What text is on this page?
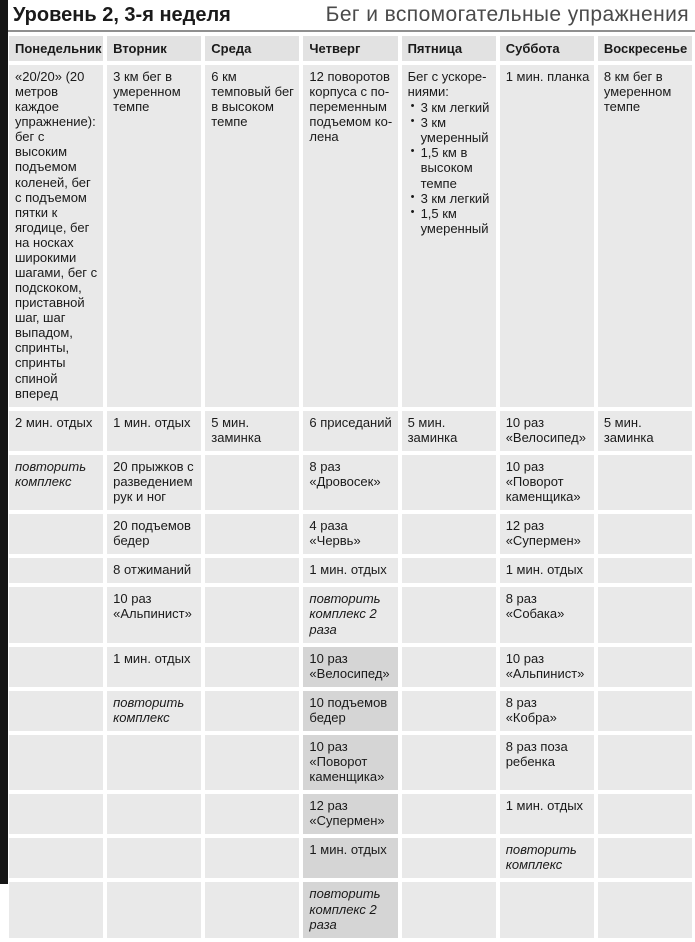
Уровень 2, 3-я неделя	Бег и вспомогательные упражнения
Понедельник	Вторник	Среда	Четверг	Пятница	Суббота	Воскресенье
«20/20» (20 метров каждое упражнение): бег с высоким подъемом коленей, бег с подъемом пятки к ягодице, бег на носках широкими шагами, бег с подскоком, приставной шаг, шаг выпадом, спринты, спринты спиной вперед	3 км бег в умеренном темпе	6 км темповый бег в высоком темпе	12 поворотов корпуса с попеременным подъемом колена	Бег с ускорениями:
• 3 км легкий
• 3 км умеренный
• 1,5 км в высоком темпе
• 3 км легкий
• 1,5 км умеренный
	1 мин. планка	8 км бег в умеренном темпе
2 мин. отдых	1 мин. отдых	5 мин. заминка	6 приседаний	5 мин. заминка	10 раз «Велосипед»	5 мин. заминка
повторить комплекс	20 прыжков с разведением рук и ног		8 раз «Дровосек»		10 раз «Поворот каменщика»	
	20 подъемов бедер		4 раза «Червь»		12 раз «Супермен»	
	8 отжиманий		1 мин. отдых		1 мин. отдых	
	10 раз «Альпинист»		повторить комплекс 2 раза		8 раз «Собака»	
	1 мин. отдых		10 раз «Велосипед»		10 раз «Альпинист»	
	повторить комплекс		10 подъемов бедер		8 раз «Кобра»	
			10 раз «Поворот каменщика»		8 раз поза ребенка	
			12 раз «Супермен»		1 мин. отдых	
			1 мин. отдых		повторить комплекс	
			повторить комплекс 2 раза			
